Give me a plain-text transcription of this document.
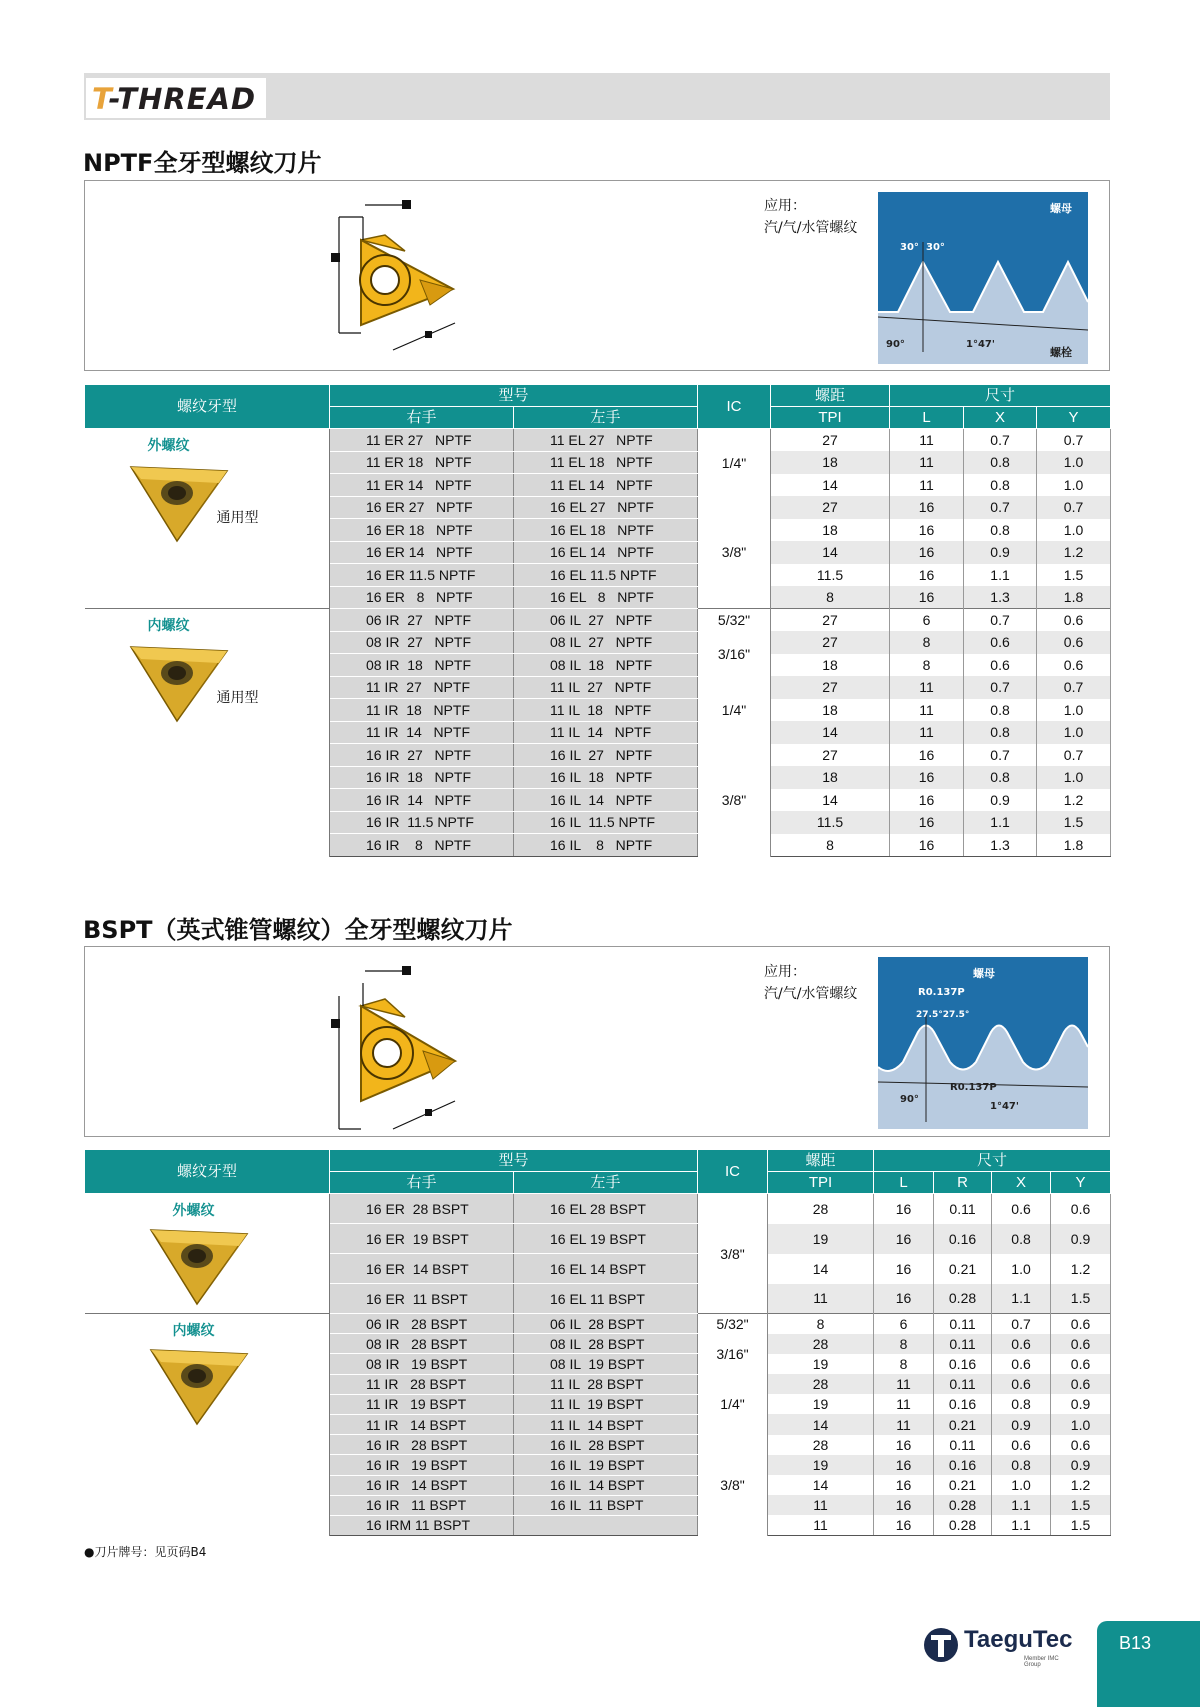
T-THREAD
NPTF全牙型螺纹刀片
应用：
汽/气/水管螺纹
螺母
螺栓
30° 30°
90°	1°47'
螺纹牙型	型号		IC	螺距	尺寸		
	右手	左手		TPI	L	X	Y

外螺纹
通用型	11 ER 27   NPTF	11 EL 27   NPTF	1/4"	27	11	0.7	0.7
	11 ER 18   NPTF	11 EL 18   NPTF		18	11	0.8	1.0
	11 ER 14   NPTF	11 EL 14   NPTF		14	11	0.8	1.0
	16 ER 27   NPTF	16 EL 27   NPTF	3/8"	27	16	0.7	0.7
	16 ER 18   NPTF	16 EL 18   NPTF		18	16	0.8	1.0
	16 ER 14   NPTF	16 EL 14   NPTF		14	16	0.9	1.2
	16 ER 11.5 NPTF	16 EL 11.5 NPTF		11.5	16	1.1	1.5
	16 ER   8   NPTF	16 EL   8   NPTF		8	16	1.3	1.8

内螺纹
通用型	06 IR  27   NPTF	06 IL  27   NPTF	5/32"	27	6	0.7	0.6
	08 IR  27   NPTF	08 IL  27   NPTF	3/16"	27	8	0.6	0.6
	08 IR  18   NPTF	08 IL  18   NPTF		18	8	0.6	0.6
	11 IR  27   NPTF	11 IL  27   NPTF	1/4"	27	11	0.7	0.7
	11 IR  18   NPTF	11 IL  18   NPTF		18	11	0.8	1.0
	11 IR  14   NPTF	11 IL  14   NPTF		14	11	0.8	1.0
	16 IR  27   NPTF	16 IL  27   NPTF	3/8"	27	16	0.7	0.7
	16 IR  18   NPTF	16 IL  18   NPTF		18	16	0.8	1.0
	16 IR  14   NPTF	16 IL  14   NPTF		14	16	0.9	1.2
	16 IR  11.5 NPTF	16 IL  11.5 NPTF		11.5	16	1.1	1.5
	16 IR    8   NPTF	16 IL    8   NPTF		8	16	1.3	1.8
BSPT（英式锥管螺纹）全牙型螺纹刀片
应用：
汽/气/水管螺纹
螺母
R0.137P
27.5°27.5°
90°
R0.137P
1°47'
螺纹牙型	型号		IC	螺距	尺寸			
	右手	左手		TPI	L	R	X	Y

外螺纹	16 ER  28 BSPT	16 EL 28 BSPT	3/8"	28	16	0.11	0.6	0.6
	16 ER  19 BSPT	16 EL 19 BSPT		19	16	0.16	0.8	0.9
	16 ER  14 BSPT	16 EL 14 BSPT		14	16	0.21	1.0	1.2
	16 ER  11 BSPT	16 EL 11 BSPT		11	16	0.28	1.1	1.5

内螺纹	06 IR   28 BSPT	06 IL  28 BSPT	5/32"	8	6	0.11	0.7	0.6
	08 IR   28 BSPT	08 IL  28 BSPT	3/16"	28	8	0.11	0.6	0.6
	08 IR   19 BSPT	08 IL  19 BSPT		19	8	0.16	0.6	0.6
	11 IR   28 BSPT	11 IL  28 BSPT	1/4"	28	11	0.11	0.6	0.6
	11 IR   19 BSPT	11 IL  19 BSPT		19	11	0.16	0.8	0.9
	11 IR   14 BSPT	11 IL  14 BSPT		14	11	0.21	0.9	1.0
	16 IR   28 BSPT	16 IL  28 BSPT	3/8"	28	16	0.11	0.6	0.6
	16 IR   19 BSPT	16 IL  19 BSPT		19	16	0.16	0.8	0.9
	16 IR   14 BSPT	16 IL  14 BSPT		14	16	0.21	1.0	1.2
	16 IR   11 BSPT	16 IL  11 BSPT		11	16	0.28	1.1	1.5
	16 IRM 11 BSPT			11	16	0.28	1.1	1.5
●刀片牌号：见页码B4
TaeguTec
Member IMC Group
B13
